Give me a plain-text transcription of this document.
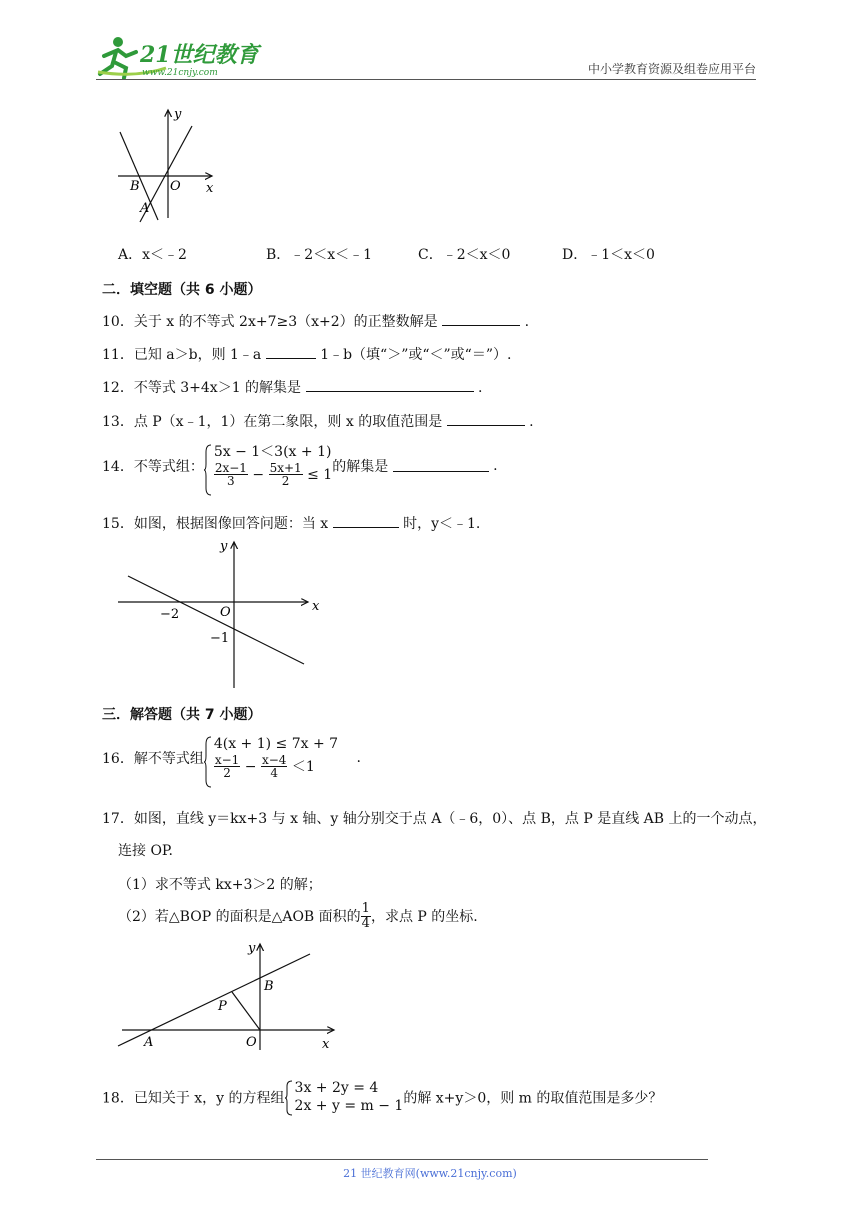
21世纪教育
www.21cnjy.com	中小学教育资源及组卷应用平台
y
x
O
B
A
A．x＜﹣2	B．﹣2＜x＜﹣1	C．﹣2＜x＜0	D．﹣1＜x＜0
二．填空题（共 6 小题）
10．关于 x 的不等式 2x+7≥3（x+2）的正整数解是	.
11．已知 a＞b，则 1﹣a	1﹣b（填“＞”或“＜”或“＝”）.
12．不等式 3+4x＞1 的解集是	.
13．点 P（x﹣1，1）在第二象限，则 x 的取值范围是	.
14．不等式组：
5x − 1＜3(x + 1)
$\frac{2x-1}{3} - \frac{5x+1}{2} \le 1$ 的解集是	.
15．如图，根据图像回答问题：当 x	时，y＜﹣1.
y
x
O
−2
−1
三．解答题（共 7 小题）
16．解不等式组
4(x + 1) ≤ 7x + 7
$\frac{x-1}{2} - \frac{x-4}{4} <1$
.
17．如图，直线 y＝kx+3 与 x 轴、y 轴分别交于点 A（﹣6，0）、点 B，点 P 是直线 AB 上的一个动点，
连接 OP.
（1）求不等式 kx+3＞2 的解；
（2）若△BOP 的面积是△AOB 面积的 $\frac{1}{4}$ ，求点 P 的坐标.
y
x
O
A
B
P
18．已知关于 x，y 的方程组
3x + 2y = 4
2x + y = m − 1 的解 x+y＞0，则 m 的取值范围是多少？
21 世纪教育网(www.21cnjy.com)
